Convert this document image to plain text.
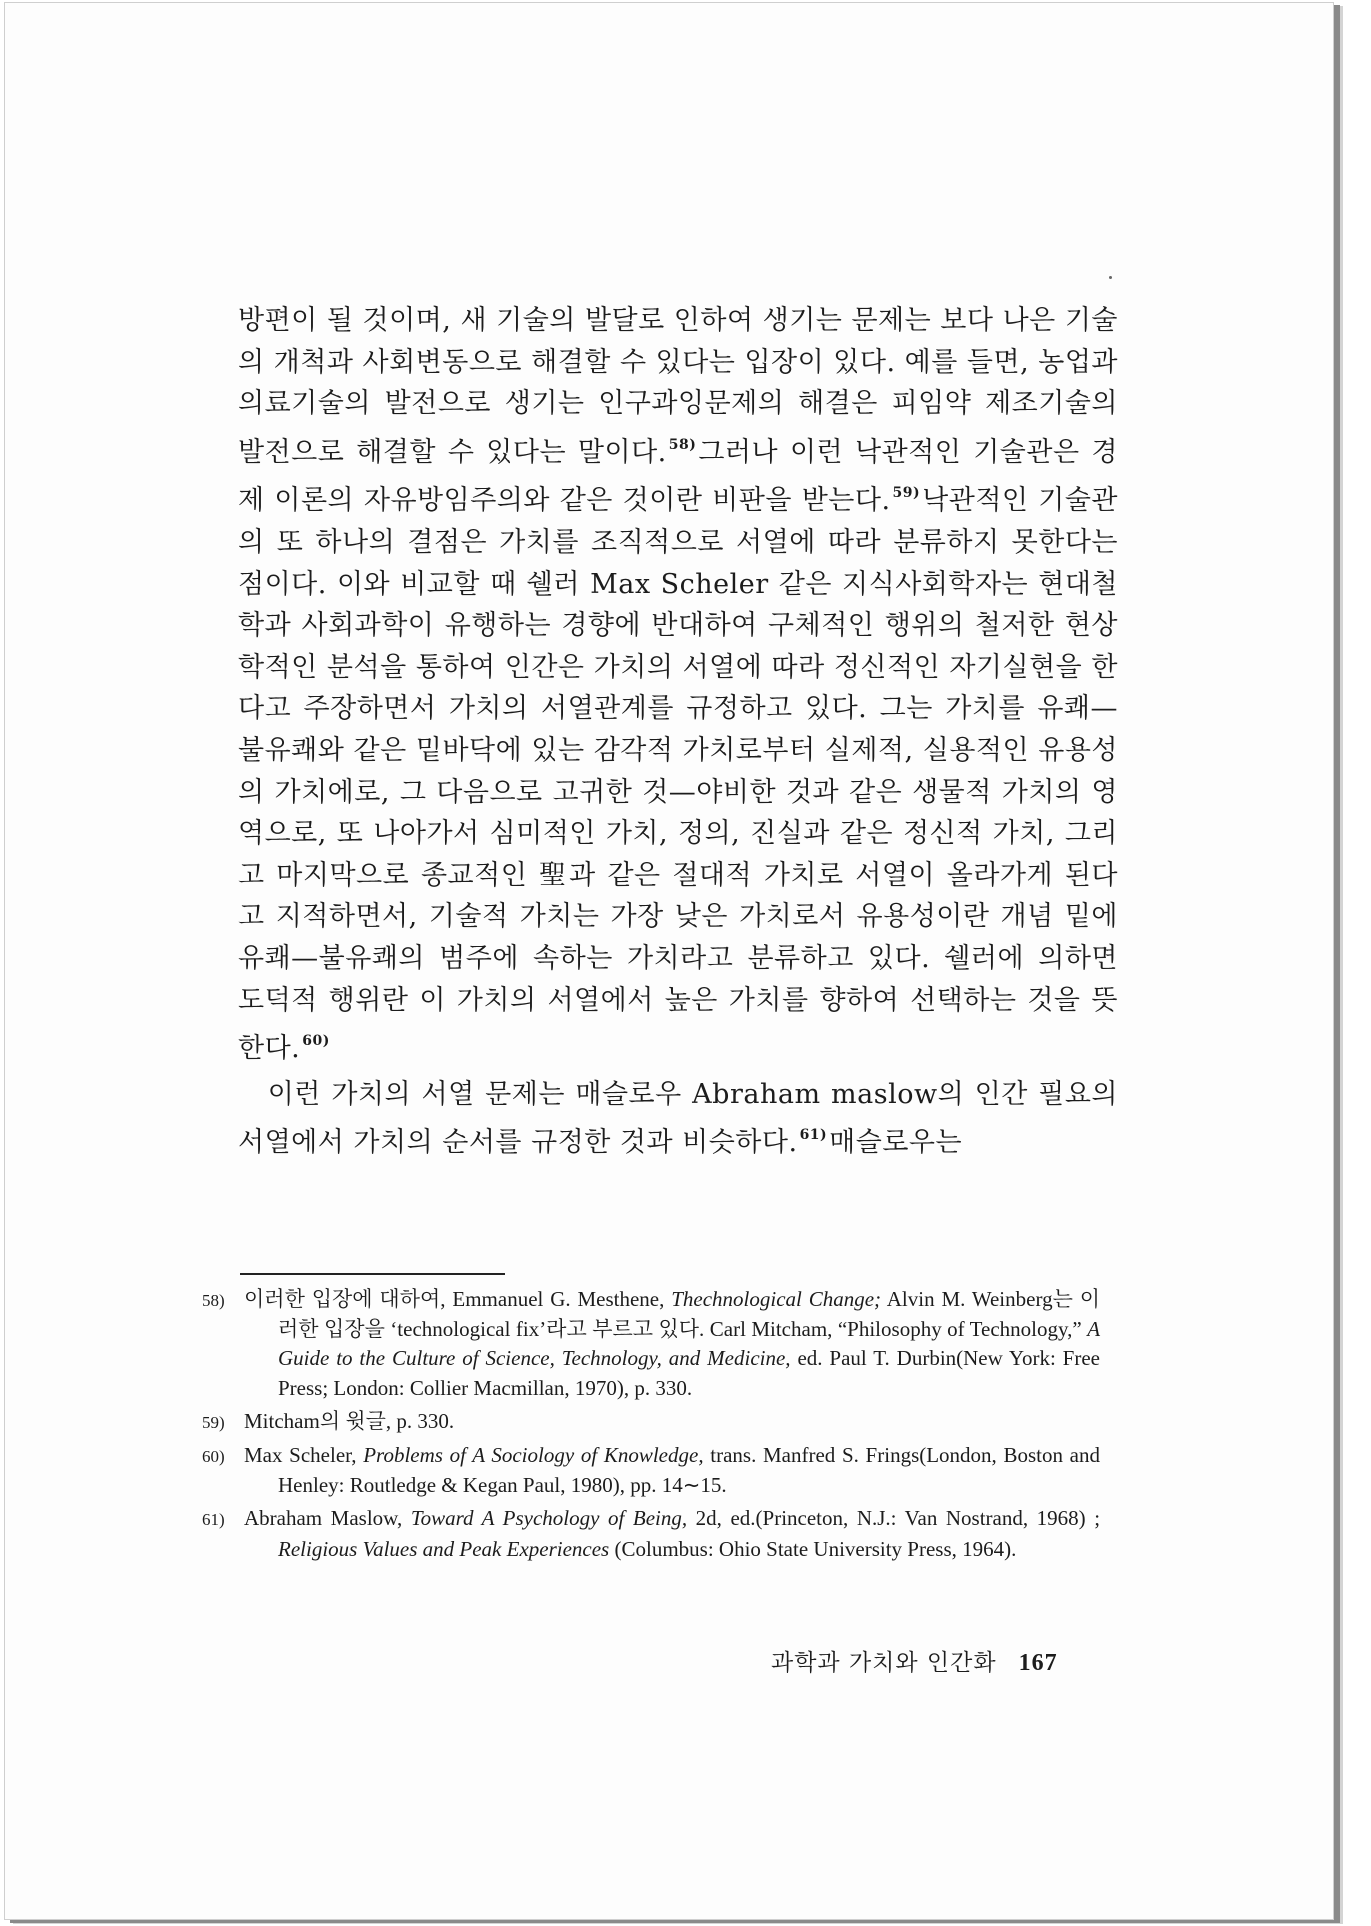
방편이 될 것이며, 새 기술의 발달로 인하여 생기는 문제는 보다 나은 기술의 개척과 사회변동으로 해결할 수 있다는 입장이 있다. 예를 들면, 농업과 의료기술의 발전으로 생기는 인구과잉문제의 해결은 피임약 제조기술의 발전으로 해결할 수 있다는 말이다. $^{58)}$그러나 이런 낙관적인 기술관은 경제 이론의 자유방임주의와 같은 것이란 비판을 받는다. $^{59)}$낙관적인 기술관의 또 하나의 결점은 가치를 조직적으로 서열에 따라 분류하지 못한다는 점이다. 이와 비교할 때 쉘러 Max Scheler 같은 지식사회학자는 현대철학과 사회과학이 유행하는 경향에 반대하여 구체적인 행위의 철저한 현상학적인 분석을 통하여 인간은 가치의 서열에 따라 정신적인 자기실현을 한다고 주장하면서 가치의 서열관계를 규정하고 있다. 그는 가치를 유쾌—불유쾌와 같은 밑바닥에 있는 감각적 가치로부터 실제적, 실용적인 유용성의 가치에로, 그 다음으로 고귀한 것—야비한 것과 같은 생물적 가치의 영역으로, 또 나아가서 심미적인 가치, 정의, 진실과 같은 정신적 가치, 그리고 마지막으로 종교적인 聖과 같은 절대적 가치로 서열이 올라가게 된다고 지적하면서, 기술적 가치는 가장 낮은 가치로서 유용성이란 개념 밑에 유쾌—불유쾌의 범주에 속하는 가치라고 분류하고 있다. 쉘러에 의하면 도덕적 행위란 이 가치의 서열에서 높은 가치를 향하여 선택하는 것을 뜻한다. $^{60)}$

이런 가치의 서열 문제는 매슬로우 Abraham maslow의 인간 필요의 서열에서 가치의 순서를 규정한 것과 비슷하다. $^{61)}$매슬로우는

58) 이러한 입장에 대하여, Emmanuel G. Mesthene, Thechnological Change; Alvin M. Weinberg는 이러한 입장을 ‘technological fix’라고 부르고 있다. Carl Mitcham, “Philosophy of Technology,” A Guide to the Culture of Science, Technology, and Medicine, ed. Paul T. Durbin(New York: Free Press; London: Collier Macmillan, 1970), p. 330.

59) Mitcham의 윗글, p. 330.

60) Max Scheler, Problems of A Sociology of Knowledge, trans. Manfred S. Frings(London, Boston and Henley: Routledge & Kegan Paul, 1980), pp. 14∼15.

61) Abraham Maslow, Toward A Psychology of Being, 2d, ed.(Princeton, N.J.: Van Nostrand, 1968) ; Religious Values and Peak Experiences (Columbus: Ohio State University Press, 1964).

과학과 가치와 인간화 167
